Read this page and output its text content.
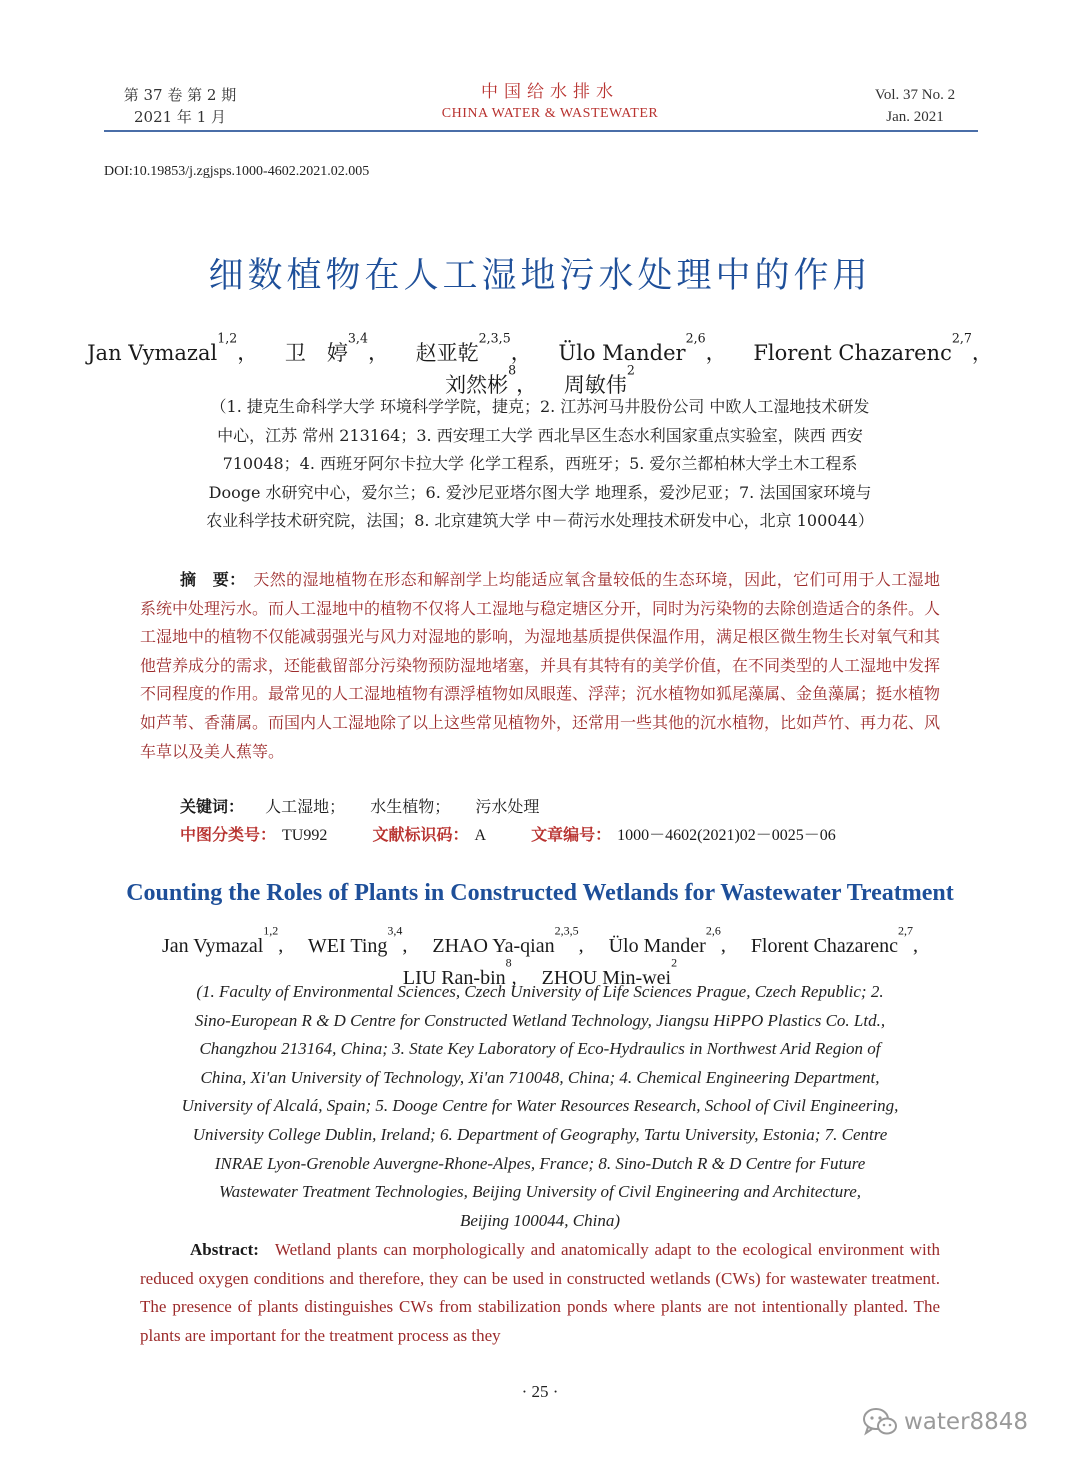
第 37 卷 第 2 期
2021 年 1 月
中国给水排水
CHINA WATER & WASTEWATER
Vol. 37 No. 2
Jan. 2021
DOI:10.19853/j.zgjsps.1000-4602.2021.02.005
细数植物在人工湿地污水处理中的作用
Jan Vymazal$^{1,2}$，    卫　婷$^{3,4}$，    赵亚乾$^{2,3,5}$，    Ülo Mander$^{2,6}$，    Florent Chazarenc$^{2,7}$，
刘然彬$^8$，    周敏伟$^2$
（1. 捷克生命科学大学 环境科学学院，捷克；2. 江苏河马井股份公司 中欧人工湿地技术研发
中心，江苏 常州 213164；3. 西安理工大学 西北旱区生态水利国家重点实验室，陕西 西安
710048；4. 西班牙阿尔卡拉大学 化学工程系，西班牙；5. 爱尔兰都柏林大学土木工程系
Dooge 水研究中心，爱尔兰；6. 爱沙尼亚塔尔图大学 地理系，爱沙尼亚；7. 法国国家环境与
农业科学技术研究院，法国；8. 北京建筑大学 中－荷污水处理技术研发中心，北京 100044）
摘　要： 天然的湿地植物在形态和解剖学上均能适应氧含量较低的生态环境，因此，它们可用于人工湿地系统中处理污水。而人工湿地中的植物不仅将人工湿地与稳定塘区分开，同时为污染物的去除创造适合的条件。人工湿地中的植物不仅能减弱强光与风力对湿地的影响，为湿地基质提供保温作用，满足根区微生物生长对氧气和其他营养成分的需求，还能截留部分污染物预防湿地堵塞，并具有其特有的美学价值，在不同类型的人工湿地中发挥不同程度的作用。最常见的人工湿地植物有漂浮植物如凤眼莲、浮萍；沉水植物如狐尾藻属、金鱼藻属；挺水植物如芦苇、香蒲属。而国内人工湿地除了以上这些常见植物外，还常用一些其他的沉水植物，比如芦竹、再力花、风车草以及美人蕉等。
关键词： 人工湿地； 水生植物； 污水处理
中图分类号： TU992	文献标识码： A	文章编号： 1000－4602(2021)02－0025－06
Counting the Roles of Plants in Constructed Wetlands for Wastewater Treatment
Jan Vymazal$^{1,2}$,     WEI Ting$^{3,4}$,     ZHAO Ya-qian$^{2,3,5}$,     Ülo Mander$^{2,6}$,     Florent Chazarenc$^{2,7}$,
LIU Ran-bin$^8$,     ZHOU Min-wei$^2$
(1. Faculty of Environmental Sciences, Czech University of Life Sciences Prague, Czech Republic; 2.
Sino-European R & D Centre for Constructed Wetland Technology, Jiangsu HiPPO Plastics Co. Ltd.,
Changzhou 213164, China; 3. State Key Laboratory of Eco-Hydraulics in Northwest Arid Region of
China, Xi'an University of Technology, Xi'an 710048, China; 4. Chemical Engineering Department,
University of Alcalá, Spain; 5. Dooge Centre for Water Resources Research, School of Civil Engineering,
University College Dublin, Ireland; 6. Department of Geography, Tartu University, Estonia; 7. Centre
INRAE Lyon-Grenoble Auvergne-Rhone-Alpes, France; 8. Sino-Dutch R & D Centre for Future
Wastewater Treatment Technologies, Beijing University of Civil Engineering and Architecture,
Beijing 100044, China)
Abstract: Wetland plants can morphologically and anatomically adapt to the ecological environment with reduced oxygen conditions and therefore, they can be used in constructed wetlands (CWs) for wastewater treatment. The presence of plants distinguishes CWs from stabilization ponds where plants are not intentionally planted. The plants are important for the treatment process as they
· 25 ·
water8848
